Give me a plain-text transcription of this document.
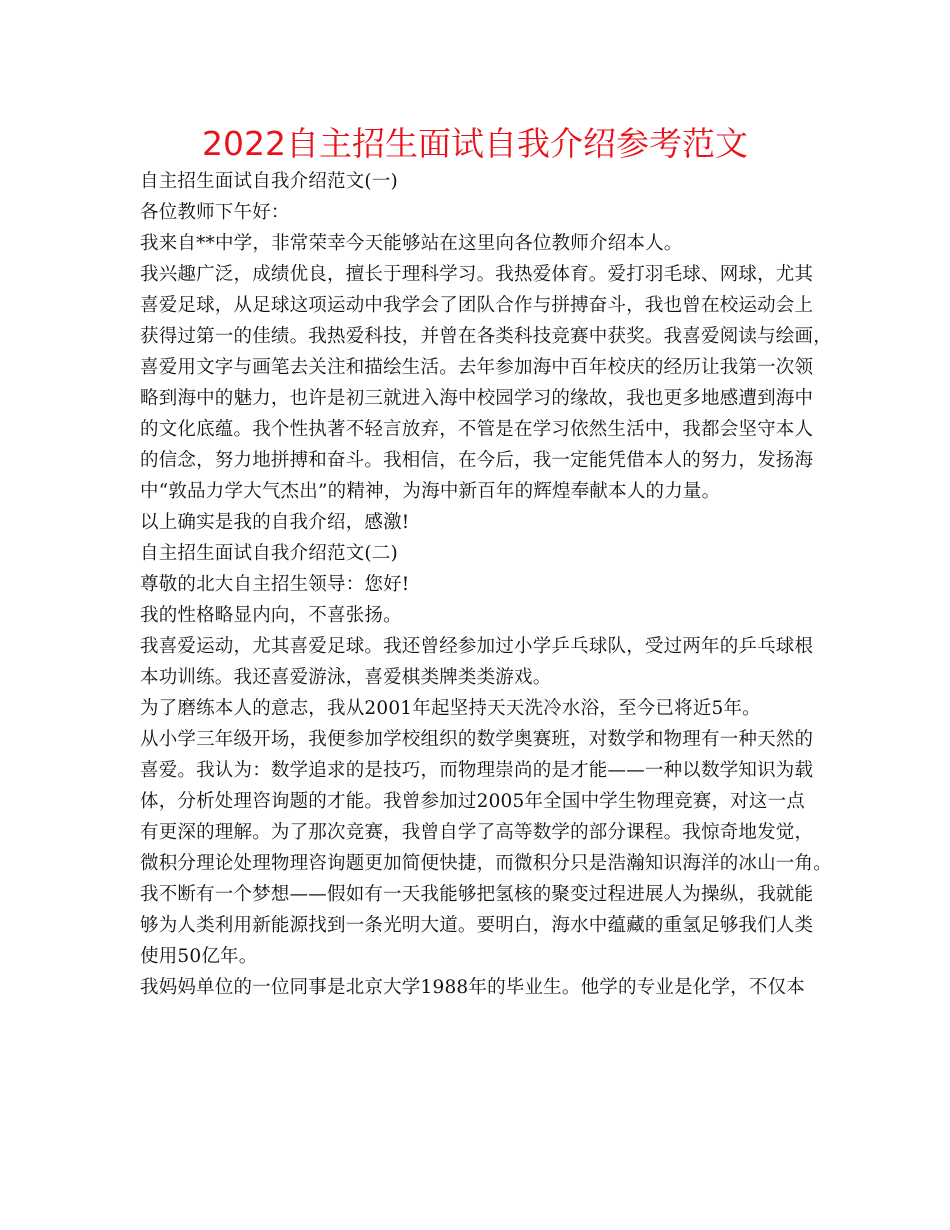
2022自主招生面试自我介绍参考范文
自主招生面试自我介绍范文(一)
各位教师下午好：
我来自**中学，非常荣幸今天能够站在这里向各位教师介绍本人。
我兴趣广泛，成绩优良，擅长于理科学习。我热爱体育。爱打羽毛球、网球，尤其
喜爱足球，从足球这项运动中我学会了团队合作与拼搏奋斗，我也曾在校运动会上
获得过第一的佳绩。我热爱科技，并曾在各类科技竞赛中获奖。我喜爱阅读与绘画，
喜爱用文字与画笔去关注和描绘生活。去年参加海中百年校庆的经历让我第一次领
略到海中的魅力，也许是初三就进入海中校园学习的缘故，我也更多地感遭到海中
的文化底蕴。我个性执著不轻言放弃，不管是在学习依然生活中，我都会坚守本人
的信念，努力地拼搏和奋斗。我相信，在今后，我一定能凭借本人的努力，发扬海
中“敦品力学大气杰出”的精神，为海中新百年的辉煌奉献本人的力量。
以上确实是我的自我介绍，感激!
自主招生面试自我介绍范文(二)
尊敬的北大自主招生领导：您好!
我的性格略显内向，不喜张扬。
我喜爱运动，尤其喜爱足球。我还曾经参加过小学乒乓球队，受过两年的乒乓球根
本功训练。我还喜爱游泳，喜爱棋类牌类类游戏。
为了磨练本人的意志，我从2001年起坚持天天洗冷水浴，至今已将近5年。
从小学三年级开场，我便参加学校组织的数学奥赛班，对数学和物理有一种天然的
喜爱。我认为：数学追求的是技巧，而物理崇尚的是才能——一种以数学知识为载
体，分析处理咨询题的才能。我曾参加过2005年全国中学生物理竞赛，对这一点
有更深的理解。为了那次竞赛，我曾自学了高等数学的部分课程。我惊奇地发觉，
微积分理论处理物理咨询题更加简便快捷，而微积分只是浩瀚知识海洋的冰山一角。
我不断有一个梦想——假如有一天我能够把氢核的聚变过程进展人为操纵，我就能
够为人类利用新能源找到一条光明大道。要明白，海水中蕴藏的重氢足够我们人类
使用50亿年。
我妈妈单位的一位同事是北京大学1988年的毕业生。他学的专业是化学，不仅本
